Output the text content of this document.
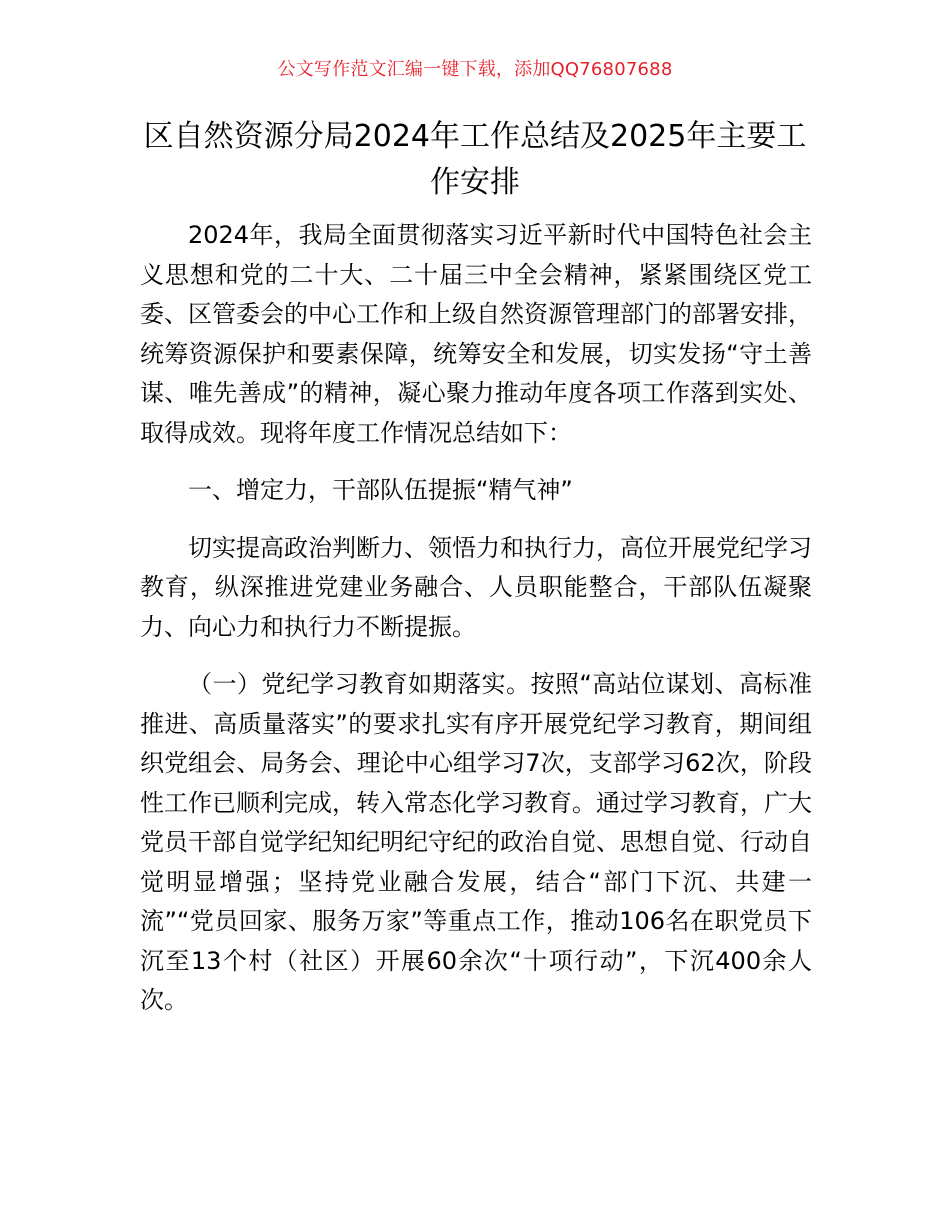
公文写作范文汇编一键下载，添加QQ76807688
区自然资源分局2024年工作总结及2025年主要工作安排

2024年，我局全面贯彻落实习近平新时代中国特色社会主义思想和党的二十大、二十届三中全会精神，紧紧围绕区党工委、区管委会的中心工作和上级自然资源管理部门的部署安排，统筹资源保护和要素保障，统筹安全和发展，切实发扬“守土善谋、唯先善成”的精神，凝心聚力推动年度各项工作落到实处、取得成效。现将年度工作情况总结如下：

一、增定力，干部队伍提振“精气神”

切实提高政治判断力、领悟力和执行力，高位开展党纪学习教育，纵深推进党建业务融合、人员职能整合，干部队伍凝聚力、向心力和执行力不断提振。

（一）党纪学习教育如期落实。按照“高站位谋划、高标准推进、高质量落实”的要求扎实有序开展党纪学习教育，期间组织党组会、局务会、理论中心组学习7次，支部学习62次，阶段性工作已顺利完成，转入常态化学习教育。通过学习教育，广大党员干部自觉学纪知纪明纪守纪的政治自觉、思想自觉、行动自觉明显增强；坚持党业融合发展，结合“部门下沉、共建一流”“党员回家、服务万家”等重点工作，推动106名在职党员下沉至13个村（社区）开展60余次“十项行动”，下沉400余人次。
